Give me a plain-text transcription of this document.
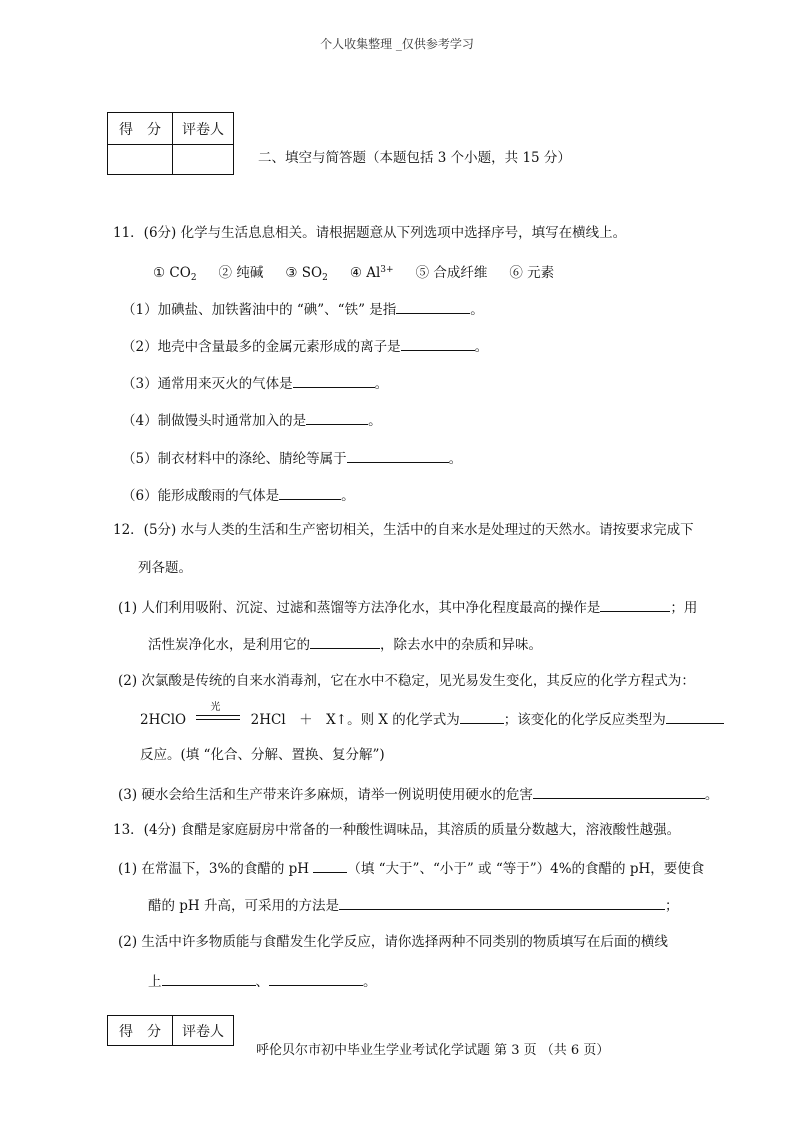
个人收集整理 _仅供参考学习
得　分	评卷人

二、填空与简答题（本题包括 3 个小题，共 15 分）
11．(6分) 化学与生活息息相关。请根据题意从下列选项中选择序号，填写在横线上。
① $CO_2$ ② 纯碱 ③ $SO_2$ ④ $Al^{3+}$ ⑤ 合成纤维 ⑥ 元素
（1）加碘盐、加铁酱油中的 “碘”、“铁” 是指	。
（2）地壳中含量最多的金属元素形成的离子是	。
（3）通常用来灭火的气体是	。
（4）制做馒头时通常加入的是	。
（5）制衣材料中的涤纶、腈纶等属于	。
（6）能形成酸雨的气体是	。
12．(5分) 水与人类的生活和生产密切相关，生活中的自来水是处理过的天然水。请按要求完成下
列各题。
(1) 人们利用吸附、沉淀、过滤和蒸馏等方法净化水，其中净化程度最高的操作是	；用
活性炭净化水，是利用它的	，除去水中的杂质和异味。
(2) 次氯酸是传统的自来水消毒剂，它在水中不稳定，见光易发生变化，其反应的化学方程式为：
2HClO
光
2HCl　＋　X↑。则 X 的化学式为	；该变化的化学反应类型为
反应。(填 “化合、分解、置换、复分解”)
(3) 硬水会给生活和生产带来许多麻烦，请举一例说明使用硬水的危害	。
13．(4分) 食醋是家庭厨房中常备的一种酸性调味品，其溶质的质量分数越大，溶液酸性越强。
(1) 在常温下，3%的食醋的 pH	（填 “大于”、“小于” 或 “等于”）4%的食醋的 pH，要使食
醋的 pH 升高，可采用的方法是	；
(2) 生活中许多物质能与食醋发生化学反应，请你选择两种不同类别的物质填写在后面的横线
上	、	。
得　分	评卷人
呼伦贝尔市初中毕业生学业考试化学试题 第 3 页 （共 6 页）
